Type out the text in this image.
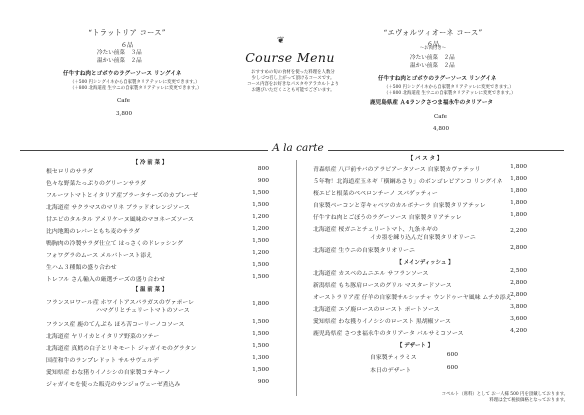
“トラットリア コース”
６品
冷たい前菜　３品
温かい前菜　２品
仔牛すね肉とゴボウのラグーソース リングイネ
（＋500 円シングイネから自家製タリアテッレに変更できます。）
（＋800 北海道産 生ウニの自家製タリアテッレに変更できます。）
Cafe
3,800
❦
Course Menu
おすすめの旬の食材を使った料理を人数分
少しづつ召し上がって頂けるコースです。
コース内容をお好きなパスタやアラカルトより
お選びいただくことも可能でございます。
“エヴォルツィオーネ コース”
６品
～お肉付き～
冷たい前菜　２品
温かい前菜　２品
仔牛すね肉とゴボウのラグーソース リングイネ
（＋500 円シングイネから自家製タリアテッレに変更できます。）
（＋800 北海道産 生ウニの自家製タリアテッレに変更できます。）
鹿児島県産 Ａ4ランクさつま福永牛のタリアータ
Cafe
4,800
A la carte
【 冷 前 菜 】
根セロリのサラダ	800
色々な野菜たっぷりのグリーンサラダ	900
フルーツトマトとイタリア産ブラータチーズのカプレーゼ	1,500
北海道産 サクラマスのマリネ ブラッドオレンジソース	1,500
甘エビのタルタル アメリケーヌ風味のマヨネーズソース	1,200
比内地鶏のレバーともち麦のサラダ	1,200
鴨胸肉の冷製サラダ仕立て はっさくのドレッシング	1,500
フォワグラのムース メルバトースト添え	1,200
生ハム３種類の盛り合わせ	1,500
トレフル さん輸入の厳選チーズの盛り合わせ	1,500
【 温 前 菜 】
フランスロワール産 ホワイトアスパラガスのヴァポーレ
ハマグリとチェリートマトのソース
1,800
フランス産 鹿のてんぷら ほろ苦コーリーノコソース	1,500
北海道産 ヤリイカとイタリア野菜のソテー	1,500
北海道産 真鱈の白子とリキモート ジャガイモのグラタン	1,500
国産和牛のランプレドット サルサヴェルデ	1,300
愛知県産 わな猪りイノシシの自家製コテキーノ	1,500
ジャガイモを使った販売のサンジョヴェーゼ煮込み	900
【 パ ス タ 】
青森県産 八戸前サバのアラビアータソース 自家製カヴァテッリ	1,800
５年物！北海道産玉ネギ「横綱あさり」のボンゴレビアンコ リングイネ	1,800
桜エビと根菜のペペロンチーノ スパゲッティー	1,800
自家製ベーコンと芽キャベツのカルボナーラ 自家製タリアテッレ	1,800
仔牛すね肉とごぼうのラグーソース 自家製タリアテッレ	1,800
北海道産 桜ガニとチェリートマト、九条ネギの
イカ墨を練り込んだ自家製タリオリーニ
2,200
北海道産 生ウニの自家製タリオリーニ	2,800
【 メインディッシュ 】
北海道産 カスベのムニエル サフランソース	2,500
新潟県産 もち豚肩ロースのグリル マスタードソース	2,800
オーストラリア産 仔羊の自家製サルシッチャ ウンドゥーヤ風味 ムチカ添え
2,800
北海道産 エゾ鹿ロースのロースト ポートソース	3,800
愛知県産 わな獲りイノシシのロースト 黒胡椒ソース	3,600
鹿児島県産 さつま福永牛のタリアータ バルサミコソース	4,200
【 デザート 】
自家製ティラミス	600
本日のデザート	600
コペルト（席料）として お一人様 500 円を頂戴しております。
料理は全て税抜価格となっております。
